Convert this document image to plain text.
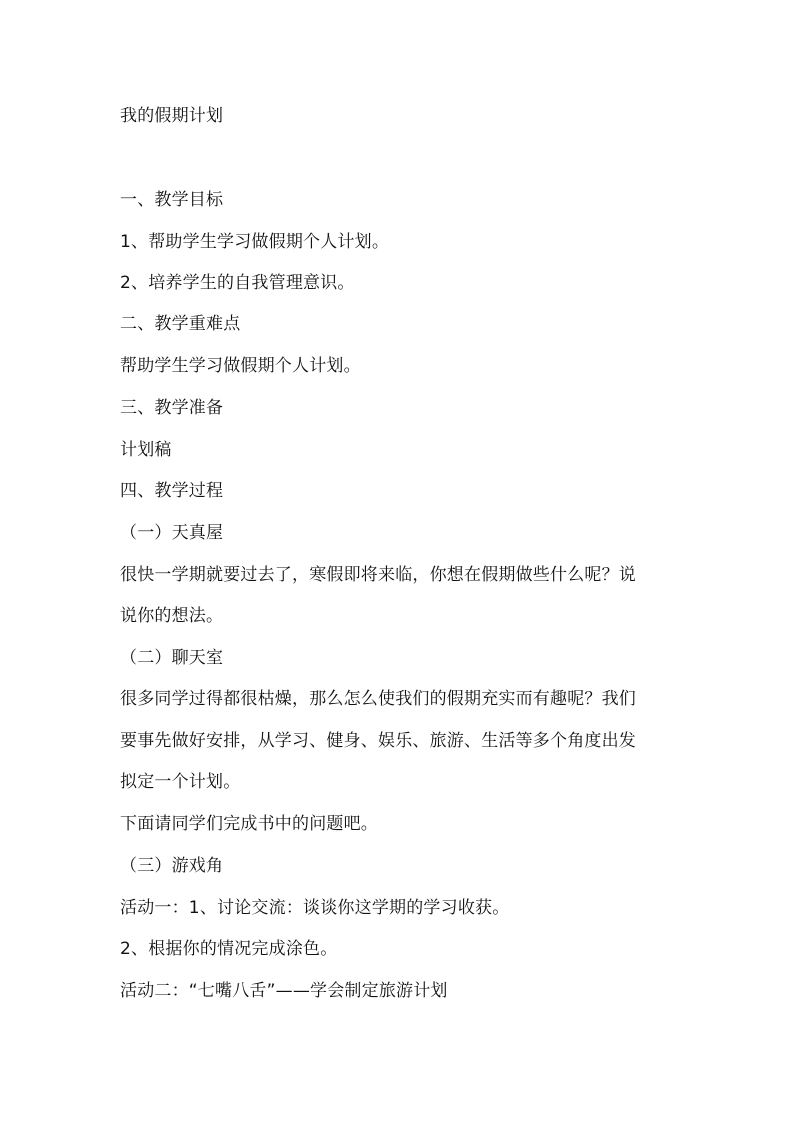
我的假期计划
一、教学目标
1、帮助学生学习做假期个人计划。
2、培养学生的自我管理意识。
二、教学重难点
帮助学生学习做假期个人计划。
三、教学准备
计划稿
四、教学过程
（一）天真屋
很快一学期就要过去了，寒假即将来临，你想在假期做些什么呢？说
说你的想法。
（二）聊天室
很多同学过得都很枯燥，那么怎么使我们的假期充实而有趣呢？我们
要事先做好安排，从学习、健身、娱乐、旅游、生活等多个角度出发
拟定一个计划。
下面请同学们完成书中的问题吧。
（三）游戏角
活动一：1、讨论交流：谈谈你这学期的学习收获。
2、根据你的情况完成涂色。
活动二：“七嘴八舌”——学会制定旅游计划
